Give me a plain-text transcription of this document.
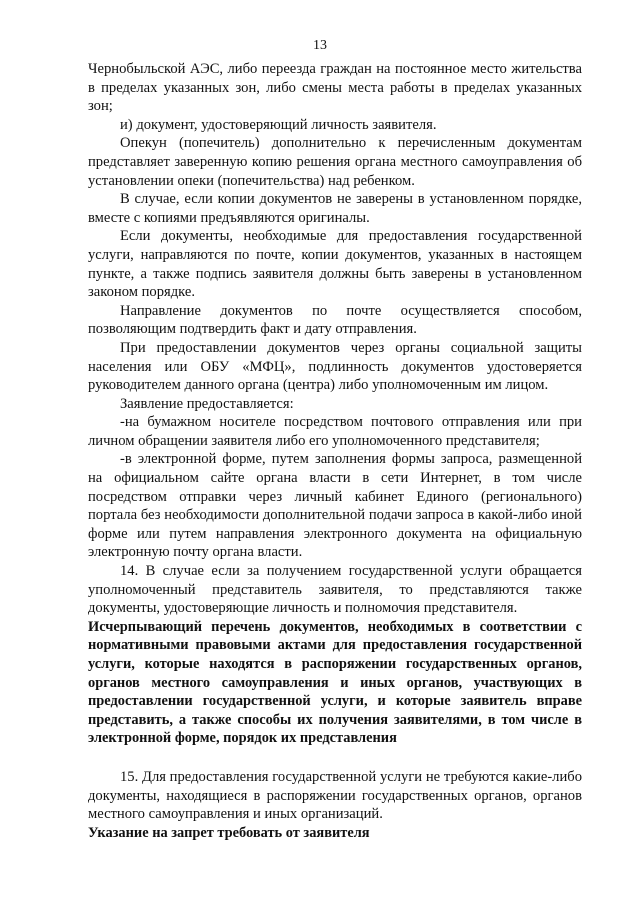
13

Чернобыльской АЭС, либо переезда граждан на постоянное место жительства в пределах указанных зон, либо смены места работы в пределах указанных зон;

и) документ, удостоверяющий личность заявителя.

Опекун (попечитель) дополнительно к перечисленным документам представляет заверенную копию решения органа местного самоуправления об установлении опеки (попечительства) над ребенком.

В случае, если копии документов не заверены в установленном порядке, вместе с копиями предъявляются оригиналы.

Если документы, необходимые для предоставления государственной услуги, направляются по почте, копии документов, указанных в настоящем пункте, а также подпись заявителя должны быть заверены в установленном законом порядке.

Направление документов по почте осуществляется способом, позволяющим подтвердить факт и дату отправления.

При предоставлении документов через органы социальной защиты населения или ОБУ «МФЦ», подлинность документов удостоверяется руководителем данного органа (центра) либо уполномоченным им лицом.

Заявление предоставляется:

-на бумажном носителе посредством почтового отправления или при личном обращении заявителя либо его уполномоченного представителя;

-в электронной форме, путем заполнения формы запроса, размещенной на официальном сайте органа власти в сети Интернет, в том числе посредством отправки через личный кабинет Единого (регионального) портала без необходимости дополнительной подачи запроса в какой-либо иной форме или путем направления электронного документа на официальную электронную почту органа власти.

14. В случае если за получением государственной услуги обращается уполномоченный представитель заявителя, то представляются также документы, удостоверяющие личность и полномочия представителя.

Исчерпывающий перечень документов, необходимых в соответствии с нормативными правовыми актами для предоставления государственной услуги, которые находятся в распоряжении государственных органов, органов местного самоуправления и иных органов, участвующих в предоставлении государственной услуги, и которые заявитель вправе представить, а также способы их получения заявителями, в том числе в электронной форме, порядок их представления

15. Для предоставления государственной услуги не требуются какие-либо документы, находящиеся в распоряжении государственных органов, органов местного самоуправления и иных организаций.

Указание на запрет требовать от заявителя
